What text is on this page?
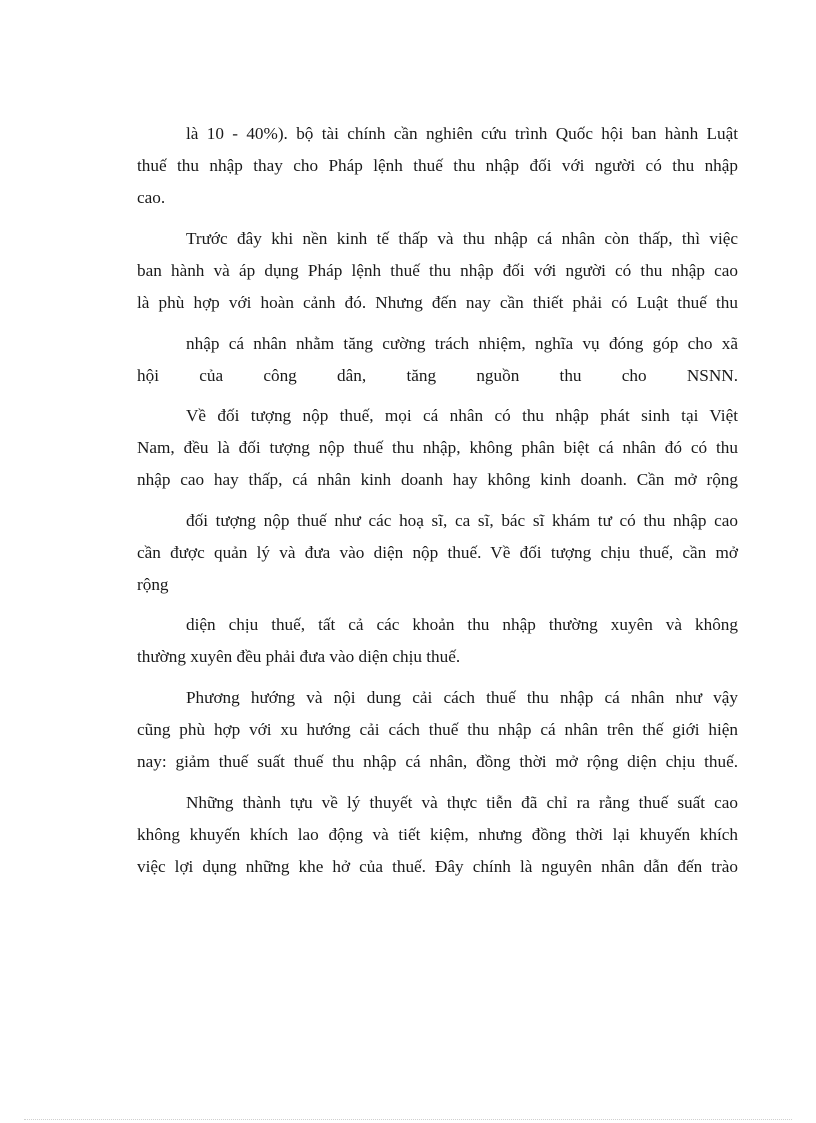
là 10 - 40%). bộ tài chính cần nghiên cứu trình Quốc hội ban hành Luật
thuế thu nhập thay cho Pháp lệnh thuế thu nhập đối với người có thu nhập
cao.
Trước đây khi nền kinh tế thấp và thu nhập cá nhân còn thấp, thì việc
ban hành và áp dụng Pháp lệnh thuế thu nhập đối với người có thu nhập cao
là phù hợp với hoàn cảnh đó. Nhưng đến nay cần thiết phải có Luật thuế thu
nhập cá nhân nhằm tăng cường trách nhiệm, nghĩa vụ đóng góp cho xã
hội của công dân, tăng nguồn thu cho NSNN.
Về đối tượng nộp thuế, mọi cá nhân có thu nhập phát sinh tại Việt
Nam, đều là đối tượng nộp thuế thu nhập, không phân biệt cá nhân đó có thu
nhập cao hay thấp, cá nhân kinh doanh hay không kinh doanh. Cần mở rộng
đối tượng nộp thuế như các hoạ sĩ, ca sĩ, bác sĩ khám tư có thu nhập cao
cần được quản lý và đưa vào diện nộp thuế. Về đối tượng chịu thuế, cần mở
rộng
diện chịu thuế, tất cả các khoản thu nhập thường xuyên và không
thường xuyên đều phải đưa vào diện chịu thuế.
Phương hướng và nội dung cải cách thuế thu nhập cá nhân như vậy
cũng phù hợp với xu hướng cải cách thuế thu nhập cá nhân trên thế giới hiện
nay: giảm thuế suất thuế thu nhập cá nhân, đồng thời mở rộng diện chịu thuế.
Những thành tựu về lý thuyết và thực tiễn đã chỉ ra rằng thuế suất cao
không khuyến khích lao động và tiết kiệm, nhưng đồng thời lại khuyến khích
việc lợi dụng những khe hở của thuế. Đây chính là nguyên nhân dẫn đến trào
